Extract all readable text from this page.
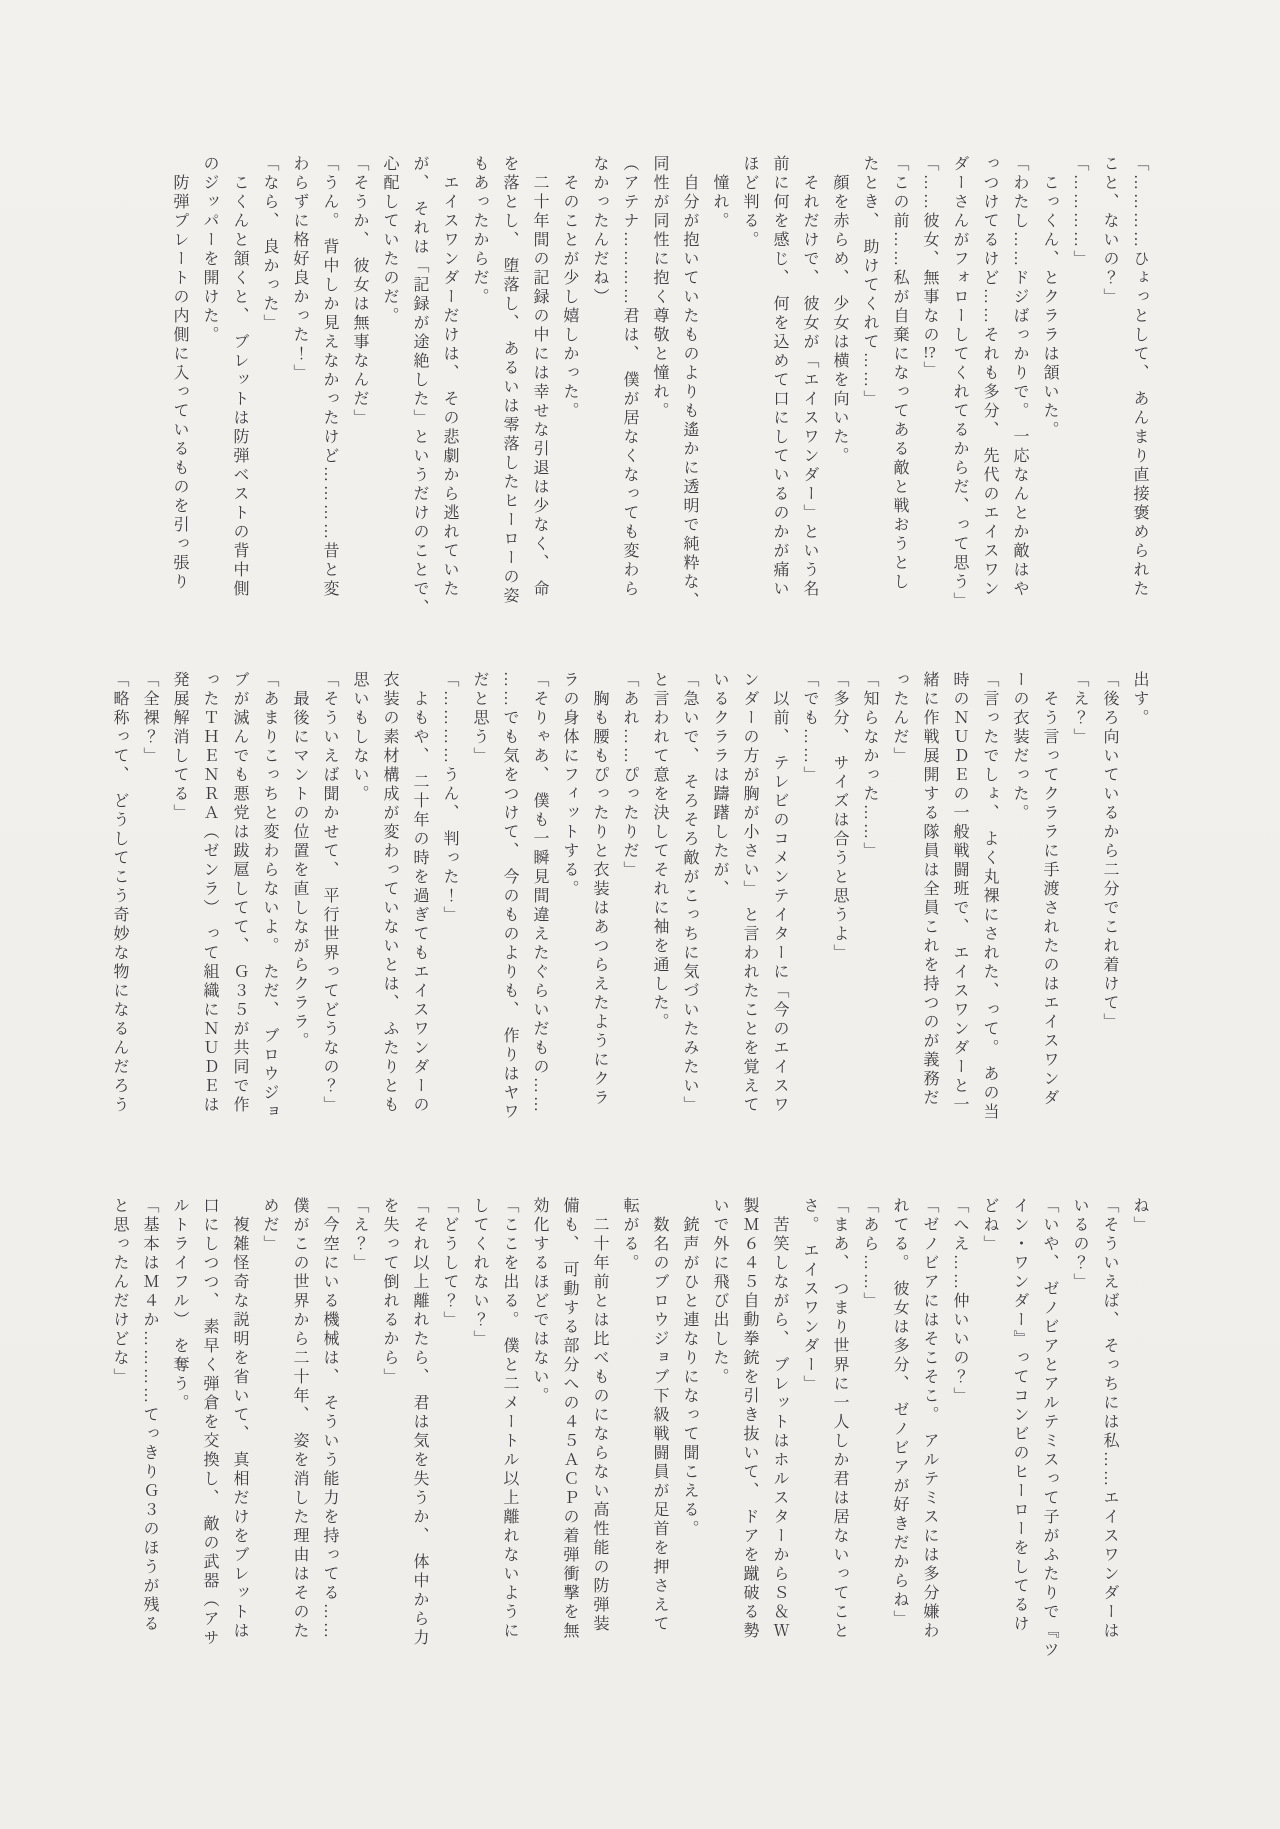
「…………ひょっとして、 あんまり直接褒められた

こと、ないの？」

「…………」

　こっくん、とクララは頷いた。

「わたし……ドジばっかりで。 一応なんとか敵はや

っつけてるけど……それも多分、 先代のエイスワン

ダーさんがフォローしてくれてるからだ、って思う」

「……彼女、無事なの!?」

「この前……私が自棄になってある敵と戦おうとし

たとき、 助けてくれて……」

　顔を赤らめ、 少女は横を向いた。

　それだけで、 彼女が「エイスワンダー」という名

前に何を感じ、 何を込めて口にしているのかが痛い

ほど判る。

　憧れ。

　自分が抱いていたものよりも遙かに透明で純粋な、

同性が同性に抱く尊敬と憧れ。

（アテナ…………君は、 僕が居なくなっても変わら

なかったんだね）

　そのことが少し嬉しかった。

　二十年間の記録の中には幸せな引退は少なく、 命

を落とし、 堕落し、 あるいは零落したヒーローの姿

もあったからだ。

　エイスワンダーだけは、 その悲劇から逃れていた

が、 それは「記録が途絶した」というだけのことで、

心配していたのだ。

「そうか、 彼女は無事なんだ」

「うん。 背中しか見えなかったけど…………昔と変

わらずに格好良かった！」

「なら、 良かった」

　こくんと頷くと、 ブレットは防弾ベストの背中側

のジッパーを開けた。

　防弾プレートの内側に入っているものを引っ張り

出す。

「後ろ向いているから二分でこれ着けて」

「え？」

　そう言ってクララに手渡されたのはエイスワンダ

ーの衣装だった。

「言ったでしょ、 よく丸裸にされた、って。 あの当

時のＮＵＤＥの一般戦闘班で、 エイスワンダーと一

緒に作戦展開する隊員は全員これを持つのが義務だ

ったんだ」

「知らなかった……」

「多分、 サイズは合うと思うよ」

「でも……」

　以前、 テレビのコメンテイターに「今のエイスワ

ンダーの方が胸が小さい」 と言われたことを覚えて

いるクララは躊躇したが、

「急いで、 そろそろ敵がこっちに気づいたみたい」

と言われて意を決してそれに袖を通した。

「あれ……ぴったりだ」

　胸も腰もぴったりと衣装はあつらえたようにクラ

ラの身体にフィットする。

「そりゃあ、 僕も一瞬見間違えたぐらいだもの……

……でも気をつけて、 今のものよりも、 作りはヤワ

だと思う」

「…………うん、 判った！」

　よもや、 二十年の時を過ぎてもエイスワンダーの

衣装の素材構成が変わっていないとは、 ふたりとも

思いもしない。

「そういえば聞かせて、 平行世界ってどうなの？」

　最後にマントの位置を直しながらクララ。

「あまりこっちと変わらないよ。 ただ、 ブロウジョ

ブが滅んでも悪党は跋扈してて、 Ｇ３５が共同で作

ったＴＨＥＮＲＡ（ゼンラ） って組織にＮＵＤＥは

発展解消してる」

「全裸？」

「略称って、 どうしてこう奇妙な物になるんだろう

ね」

「そういえば、 そっちには私……エイスワンダーは

いるの？」

「いや、 ゼノビアとアルテミスって子がふたりで『ツ

イン・ワンダー』ってコンビのヒーローをしてるけ

どね」

「へえ……仲いいの？」

「ゼノビアにはそこそこ。 アルテミスには多分嫌わ

れてる。 彼女は多分、 ゼノビアが好きだからね」

「あら……」

「まあ、 つまり世界に一人しか君は居ないってこと

さ。 エイスワンダー」

　苦笑しながら、 ブレットはホルスターからＳ＆Ｗ

製Ｍ６４５自動拳銃を引き抜いて、 ドアを蹴破る勢

いで外に飛び出した。

　銃声がひと連なりになって聞こえる。

　数名のブロウジョブ下級戦闘員が足首を押さえて

転がる。

　二十年前とは比べものにならない高性能の防弾装

備も、 可動する部分への４５ＡＣＰの着弾衝撃を無

効化するほどではない。

「ここを出る。 僕と二メートル以上離れないように

してくれない？」

「どうして？」

「それ以上離れたら、 君は気を失うか、 体中から力

を失って倒れるから」

「え？」

「今空にいる機械は、 そういう能力を持ってる……

僕がこの世界から二十年、 姿を消した理由はそのた

めだ」

　複雑怪奇な説明を省いて、 真相だけをブレットは

口にしつつ、 素早く弾倉を交換し、 敵の武器（アサ

ルトライフル） を奪う。

「基本はＭ４か…………てっきりＧ３のほうが残る

と思ったんだけどな」
